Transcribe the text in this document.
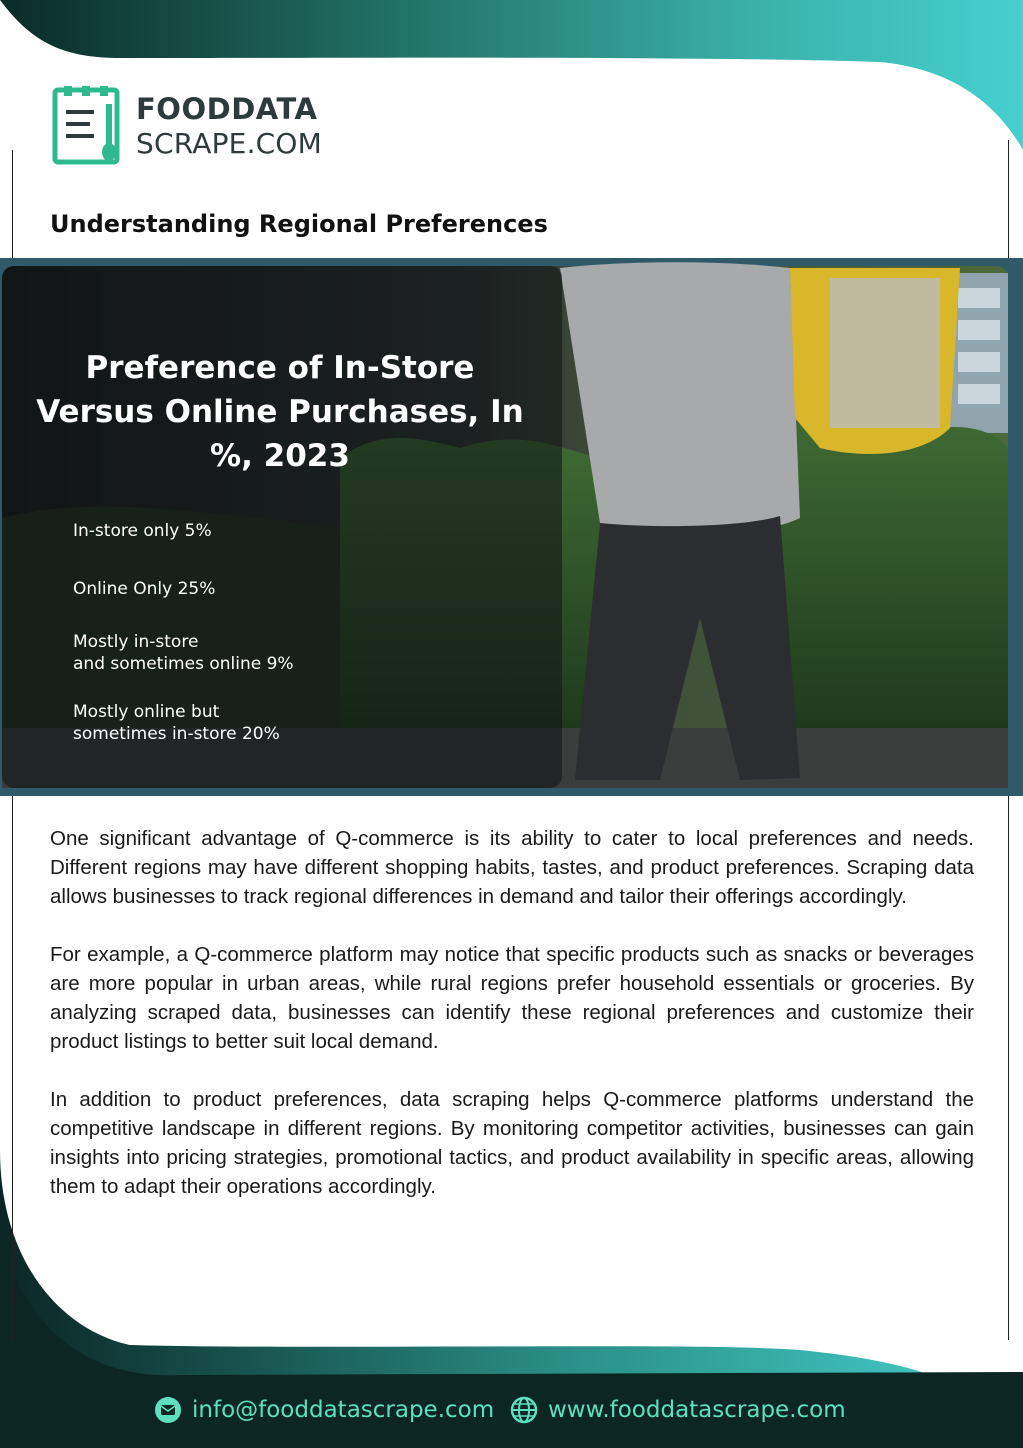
FOODDATA
SCRAPE.COM
Understanding Regional Preferences
Preference of In-Store Versus Online Purchases, In %, 2023
In-store only 5%
Online Only 25%
Mostly in-store
and sometimes online 9%
Mostly online but
sometimes in-store 20%

One significant advantage of Q-commerce is its ability to cater to local preferences and needs. Different regions may have different shopping habits, tastes, and product preferences. Scraping data allows businesses to track regional differences in demand and tailor their offerings accordingly.

For example, a Q-commerce platform may notice that specific products such as snacks or beverages are more popular in urban areas, while rural regions prefer household essentials or groceries. By analyzing scraped data, businesses can identify these regional preferences and customize their product listings to better suit local demand.

In addition to product preferences, data scraping helps Q-commerce platforms understand the competitive landscape in different regions. By monitoring competitor activities, businesses can gain insights into pricing strategies, promotional tactics, and product availability in specific areas, allowing them to adapt their operations accordingly.

info@fooddatascrape.com www.fooddatascrape.com
